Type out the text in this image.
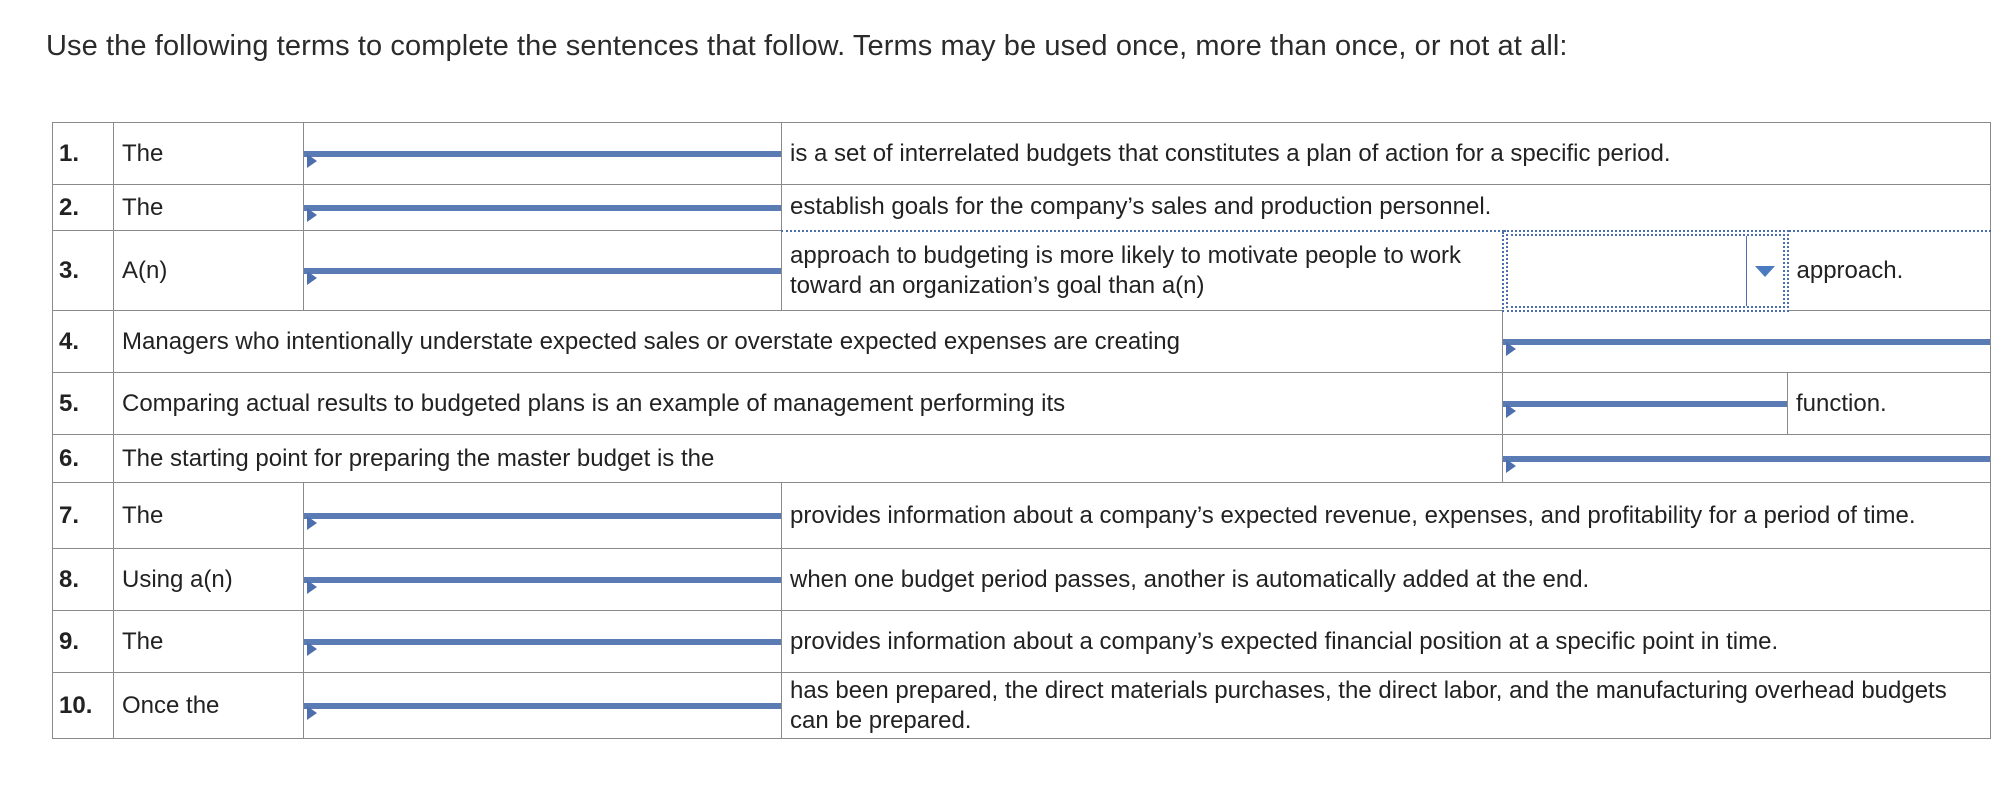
Use the following terms to complete the sentences that follow. Terms may be used once, more than once, or not at all:
1.	The		is a set of interrelated budgets that constitutes a plan of action for a specific period.		
2.	The		establish goals for the company’s sales and production personnel.		
3.	A(n)		approach to budgeting is more likely to motivate people to work toward an organization’s goal than a(n)		approach.
4.	Managers who intentionally understate expected sales or overstate expected expenses are creating				

5.	Comparing actual results to budgeted plans is an example of management performing its				function.
6.	The starting point for preparing the master budget is the				

7.	The		provides information about a company’s expected revenue, expenses, and profitability for a period of time.		
8.	Using a(n)		when one budget period passes, another is automatically added at the end.		
9.	The		provides information about a company’s expected financial position at a specific point in time.		
10.	Once the		has been prepared, the direct materials purchases, the direct labor, and the manufacturing overhead budgets can be prepared.		
